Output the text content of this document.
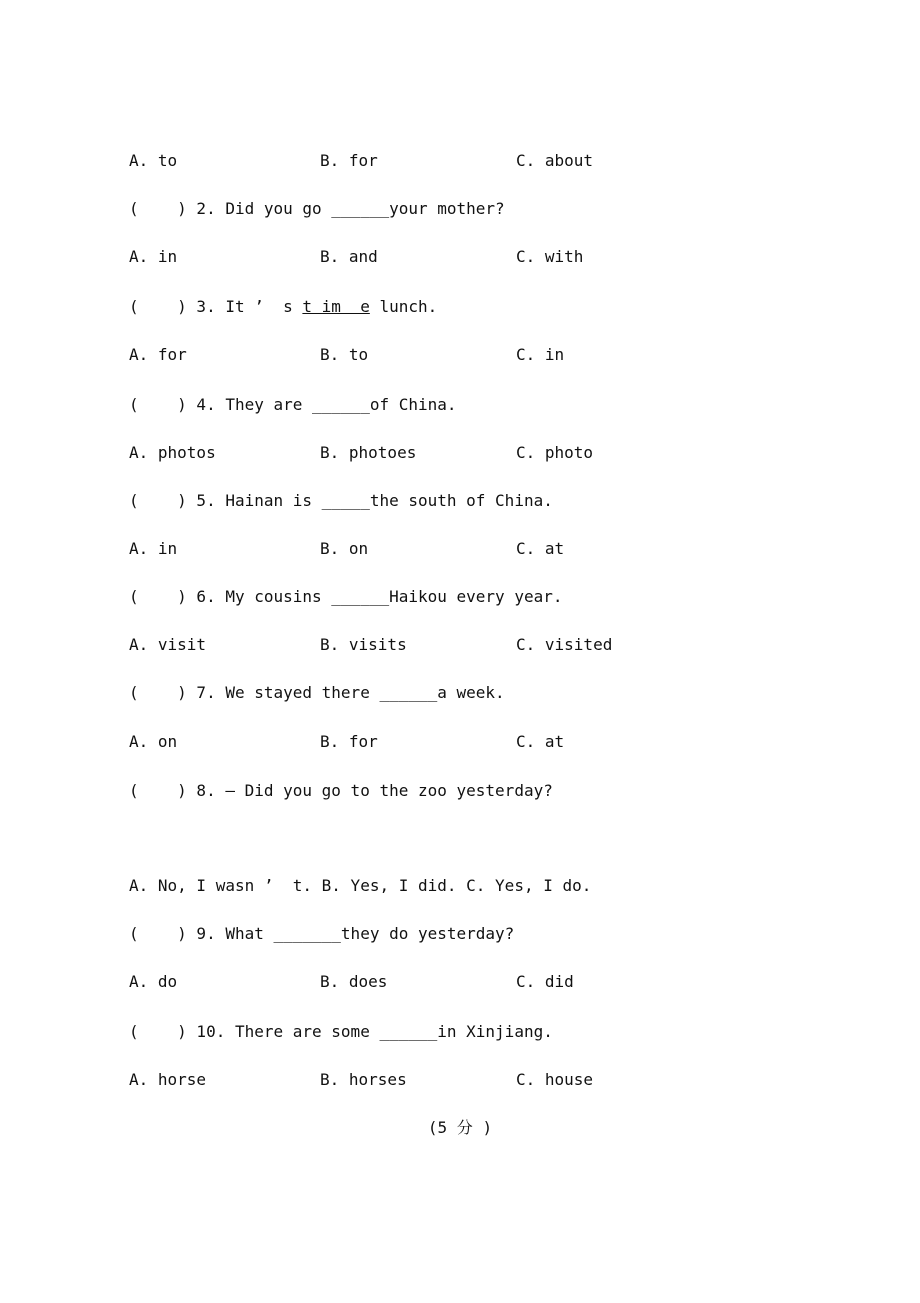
A. to	B. for	C. about
(    ) 2. Did you go ______your mother?
A. in	B. and	C. with
(    ) 3. It ’  s t im  e lunch.
A. for	B. to	C. in
(    ) 4. They are ______of China.
A. photos	B. photoes	C. photo
(    ) 5. Hainan is _____the south of China.
A. in	B. on	C. at
(    ) 6. My cousins ______Haikou every year.
A. visit	B. visits	C. visited
(    ) 7. We stayed there ______a week.
A. on	B. for	C. at
(    ) 8. — Did you go to the zoo yesterday?
A. No, I wasn ’  t. B. Yes, I did. C. Yes, I do.
(    ) 9. What _______they do yesterday?
A. do	B. does	C. did
(    ) 10. There are some ______in Xinjiang.
A. horse	B. horses	C. house
(5 分 )
